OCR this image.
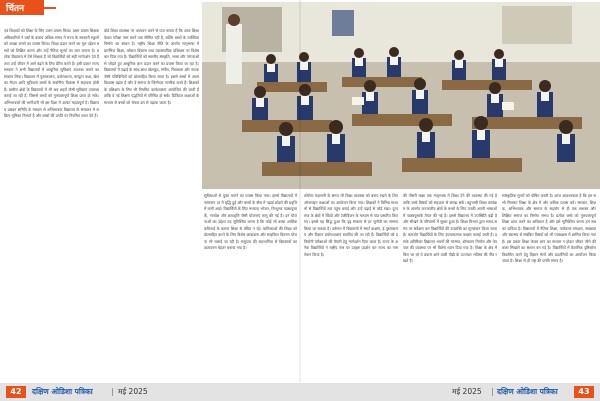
चिंतन

एवं शिक्षकों को शिक्षा के लिए उत्तम प्रयास किया। प्रथम प्रयास शिक्षक अधिकारियों ने वर्षा के बजाय अधिक समय में राज्य के सरकारी स्कूलों को अच्छा बनाने का प्रयास किया। शिक्षा प्रदान करने का मूल उद्देश्य बच्चों को शिक्षित करना और उन्हें नैतिक मूल्यों का ज्ञान कराना है। प्रत्येक विद्यालय में ऐसे शिक्षक हैं जो विद्यार्थियों को सही मार्गदर्शन देते हैं तथा उन्हें जीवन में आगे बढ़ने के लिए प्रेरित करते हैं। इसी प्रकार राज्य सरकार ने सभी विद्यालयों में आधुनिक सुविधाएं उपलब्ध कराने का संकल्प लिया। विद्यालय में पुस्तकालय, प्रयोगशाला, कंप्यूटर कक्ष, खेल का मैदान आदि सुविधाएं बच्चों के सर्वांगीण विकास में सहायक होती हैं। ग्रामीण क्षेत्रों के विद्यालयों में भी अब शहरों जैसी सुविधाएं उपलब्ध कराई जा रही हैं, जिससे बच्चों को गुणवत्तापूर्ण शिक्षा प्राप्त हो सके। अभिभावकों की भागीदारी भी इस दिशा में अत्यंत महत्वपूर्ण है। विद्यालय प्रबंधन समिति के माध्यम से अभिभावक विद्यालय के संचालन में सक्रिय भूमिका निभाते हैं और बच्चों की प्रगति पर नियमित ध्यान देते हैं।

बोर्ड शिक्षा व्यवस्था पर अध्ययन करने से पता चलता है कि आज शिक्षा केवल परीक्षा पास करने तक सीमित नहीं है, बल्कि बच्चों के व्यक्तित्व निर्माण का साधन है। राष्ट्रीय शिक्षा नीति के अंतर्गत मातृभाषा में प्रारंभिक शिक्षा, कौशल विकास तथा व्यावसायिक प्रशिक्षण पर विशेष बल दिया गया है। विद्यार्थियों को स्थानीय संस्कृति, भाषा और परंपराओं से जोड़ते हुए आधुनिक ज्ञान प्रदान करने का प्रयास किया जा रहा है। विद्यालयों में पढ़ाई के साथ-साथ खेलकूद, संगीत, चित्रकला और नाटक जैसी गतिविधियों को प्रोत्साहित किया जाता है। इससे बच्चों में आत्मविश्वास बढ़ता है और वे समाज के जिम्मेदार नागरिक बनते हैं। शिक्षकों के प्रशिक्षण के लिए भी नियमित कार्यशालाएं आयोजित की जाती हैं ताकि वे नई शिक्षण पद्धतियों से परिचित हो सकें। डिजिटल कक्षाओं के माध्यम से बच्चों को रोचक ढंग से पढ़ाया जाता है।

सुविधाओं से युक्त बनाने का प्रयास किया गया। इससे विद्यालयों में नामांकन दर में वृद्धि हुई और बच्चों के बीच में पढ़ाई छोड़ने की प्रवृत्ति में कमी आई। विद्यार्थियों के लिए मध्यान्ह भोजन, निःशुल्क पाठ्यपुस्तकें, गणवेश और छात्रवृत्ति जैसी योजनाएं लागू की गई हैं। इन योजनाओं का उद्देश्य यह सुनिश्चित करना है कि कोई भी बच्चा आर्थिक कठिनाई के कारण शिक्षा से वंचित न रहे। बालिकाओं की शिक्षा को प्रोत्साहित करने के लिए विशेष छात्रावास और साइकिल वितरण योजना भी चलाई जा रही है। समुदाय की सहभागिता से विद्यालयों का वातावरण बेहतर बनाया गया है।

कोरोना महामारी के समय भी शिक्षा व्यवस्था को बनाए रखने के लिए ऑनलाइन कक्षाओं का आयोजन किया गया। शिक्षकों ने विभिन्न माध्यमों से विद्यार्थियों तक पहुंच बनाई और उन्हें पढ़ाई से जोड़े रखा। दूरदराज के क्षेत्रों में रेडियो और टेलीविजन के माध्यम से पाठ प्रसारित किए गए। इससे यह सिद्ध हुआ कि दृढ़ संकल्प से हर चुनौती का सामना किया जा सकता है। वर्तमान में विद्यालयों में स्मार्ट कक्षाएं, ई-पुस्तकालय और विज्ञान प्रयोगशालाएं स्थापित की जा रही हैं। विद्यार्थियों को प्रतियोगी परीक्षाओं की तैयारी हेतु मार्गदर्शन दिया जाता है। राज्य के अनेक विद्यार्थियों ने राष्ट्रीय स्तर पर उत्कृष्ट प्रदर्शन कर राज्य का नाम रोशन किया है।

की तीसरी कक्षा तक मातृभाषा में शिक्षा देने की व्यवस्था की गई है ताकि बच्चे विषयों को सहजता से समझ सकें। बहुभाषी शिक्षा कार्यक्रम के अंतर्गत जनजातीय क्षेत्रों के बच्चों के लिए उनकी अपनी भाषाओं में पाठ्यपुस्तकें तैयार की गई हैं। इससे विद्यालय में उपस्थिति बढ़ी है और सीखने के परिणामों में सुधार हुआ है। शिक्षा विभाग द्वारा समय-समय पर सर्वेक्षण कर विद्यार्थियों की उपलब्धि का मूल्यांकन किया जाता है। कमजोर विद्यार्थियों के लिए उपचारात्मक कक्षाएं चलाई जाती हैं। इसके अतिरिक्त विद्यालय भवनों की मरम्मत, शौचालय निर्माण और पेयजल की व्यवस्था पर भी विशेष ध्यान दिया गया है। शिक्षा के क्षेत्र में किए जा रहे ये प्रयास आने वाली पीढ़ी के उज्ज्वल भविष्य की नींव रखते हैं।

सांस्कृतिक मूल्यों को पोषित करती है। आज आवश्यकता है कि हम सभी मिलकर शिक्षा के क्षेत्र में और अधिक प्रयास करें। सरकार, शिक्षक, अभिभावक और समाज के सहयोग से ही एक सशक्त और शिक्षित समाज का निर्माण संभव है। प्रत्येक बच्चे को गुणवत्तापूर्ण शिक्षा प्राप्त करने का अधिकार है और इसे सुनिश्चित करना हम सबका दायित्व है। विद्यालयों में नैतिक शिक्षा, पर्यावरण संरक्षण, स्वच्छता और स्वास्थ्य से संबंधित विषयों को भी पाठ्यक्रम में शामिल किया गया है। इस प्रकार शिक्षा केवल ज्ञान का माध्यम न होकर जीवन जीने की कला सिखाने का साधन बन गई है। विद्यार्थियों में वैज्ञानिक दृष्टिकोण विकसित करने हेतु विज्ञान मेलों और प्रदर्शनियों का आयोजन किया जाता है। शिक्षा से ही राष्ट्र की प्रगति संभव है।

42	दक्षिण ओडिशा पत्रिका	मई 2025	मई 2025 दक्षिण ओडिशा पत्रिका	43
